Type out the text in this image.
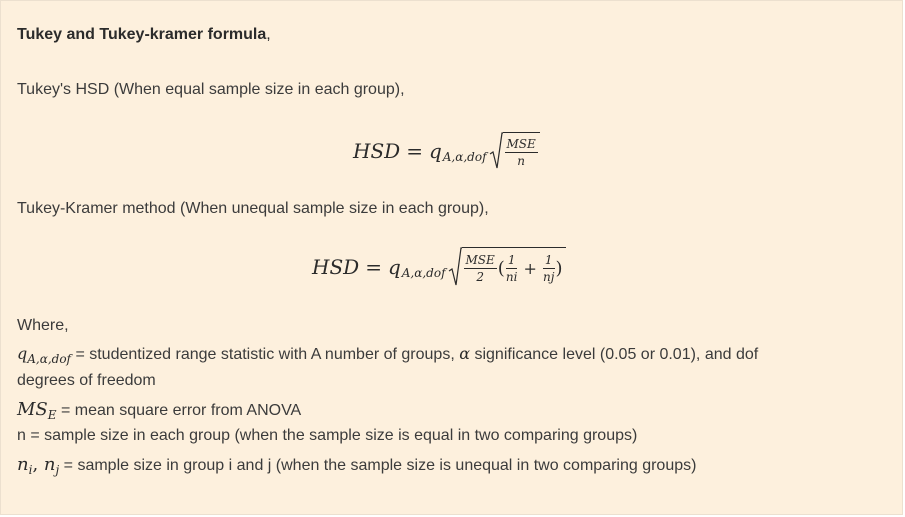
Tukey and Tukey-kramer formula,
Tukey's HSD (When equal sample size in each group),
HSD = q $A,\alpha,dof \frac{\text{MSE}}{n}$
Tukey-Kramer method (When unequal sample size in each group),
HSD = q $A,\alpha,dof \frac{\text{MSE}}{2}$ ( $\frac{1}{ni} + \frac{1}{nj}$ )
Where,
$q_{A,\alpha,dof}$ = studentized range statistic with A number of groups, α significance level (0.05 or 0.01), and dof
degrees of freedom
$MS_E$ = mean square error from ANOVA
n = sample size in each group (when the sample size is equal in two comparing groups)
$n_i$, $n_j$ = sample size in group i and j (when the sample size is unequal in two comparing groups)
